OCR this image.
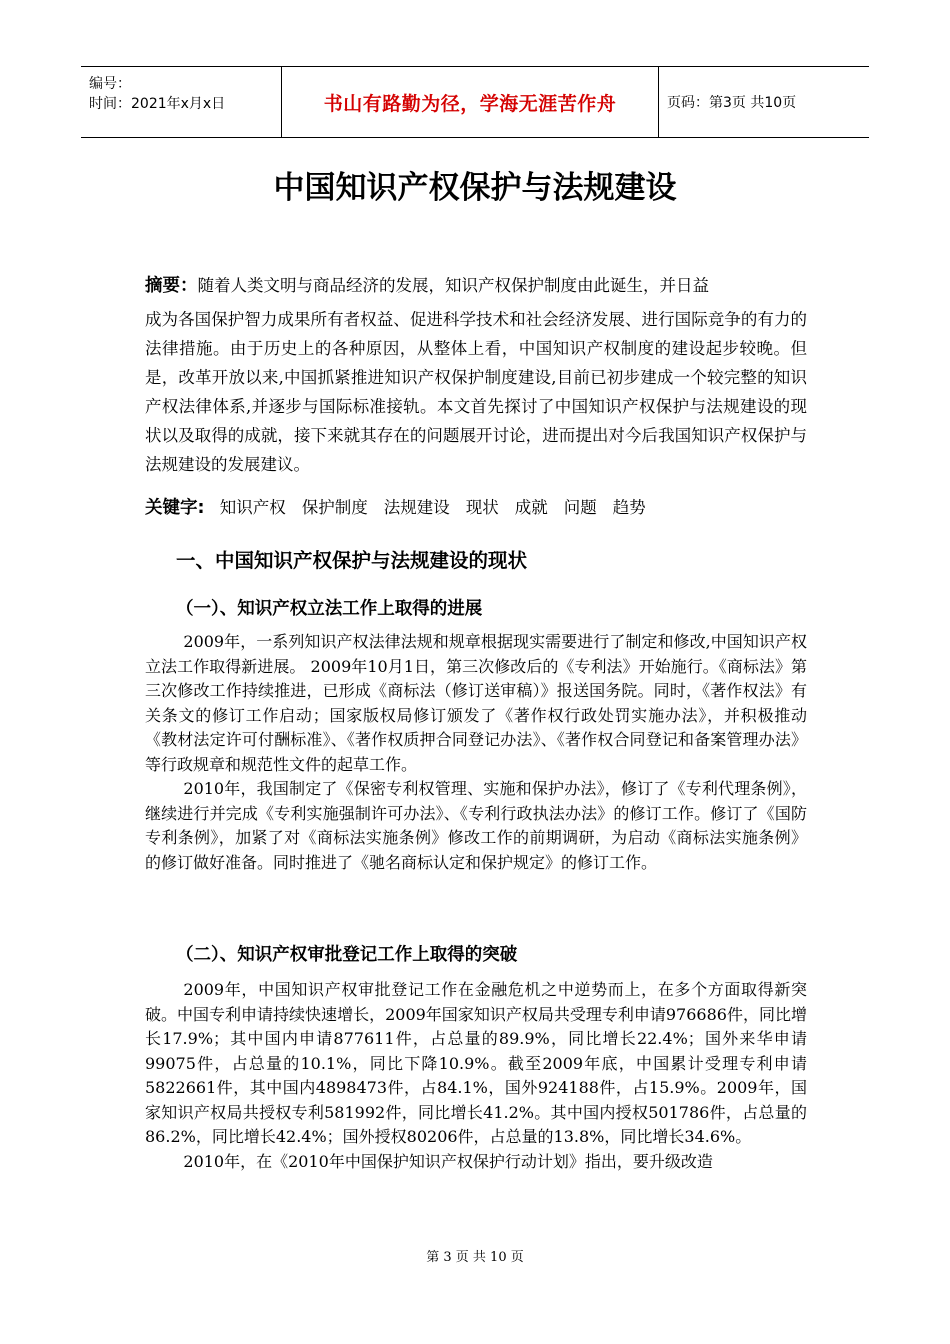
编号：
时间：2021年x月x日	书山有路勤为径，学海无涯苦作舟	页码：第3页 共10页
中国知识产权保护与法规建设

摘要：随着人类文明与商品经济的发展，知识产权保护制度由此诞生，并日益

成为各国保护智力成果所有者权益、促进科学技术和社会经济发展、进行国际竞争的有力的法律措施。由于历史上的各种原因，从整体上看，中国知识产权制度的建设起步较晚。但是，改革开放以来,中国抓紧推进知识产权保护制度建设,目前已初步建成一个较完整的知识产权法律体系,并逐步与国际标准接轨。本文首先探讨了中国知识产权保护与法规建设的现状以及取得的成就，接下来就其存在的问题展开讨论，进而提出对今后我国知识产权保护与法规建设的发展建议。

关键字: 知识产权 保护制度 法规建设 现状 成就 问题 趋势
一、中国知识产权保护与法规建设的现状
（一）、知识产权立法工作上取得的进展

2009年，一系列知识产权法律法规和规章根据现实需要进行了制定和修改,中国知识产权立法工作取得新进展。 2009年10月1日，第三次修改后的《专利法》开始施行。《商标法》第三次修改工作持续推进，已形成《商标法（修订送审稿）》报送国务院。同时，《著作权法》有关条文的修订工作启动；国家版权局修订颁发了《著作权行政处罚实施办法》，并积极推动《教材法定许可付酬标准》、《著作权质押合同登记办法》、《著作权合同登记和备案管理办法》等行政规章和规范性文件的起草工作。

2010年，我国制定了《保密专利权管理、实施和保护办法》，修订了《专利代理条例》，继续进行并完成《专利实施强制许可办法》、《专利行政执法办法》的修订工作。修订了《国防专利条例》，加紧了对《商标法实施条例》修改工作的前期调研，为启动《商标法实施条例》的修订做好准备。同时推进了《驰名商标认定和保护规定》的修订工作。

（二）、知识产权审批登记工作上取得的突破

2009年，中国知识产权审批登记工作在金融危机之中逆势而上，在多个方面取得新突破。中国专利申请持续快速增长，2009年国家知识产权局共受理专利申请976686件，同比增长17.9%；其中国内申请877611件，占总量的89.9%，同比增长22.4%；国外来华申请99075件，占总量的10.1%，同比下降10.9%。截至2009年底，中国累计受理专利申请5822661件，其中国内4898473件，占84.1%，国外924188件，占15.9%。2009年，国家知识产权局共授权专利581992件，同比增长41.2%。其中国内授权501786件，占总量的86.2%，同比增长42.4%；国外授权80206件，占总量的13.8%，同比增长34.6%。

2010年，在《2010年中国保护知识产权保护行动计划》指出，要升级改造

第 3 页 共 10 页
